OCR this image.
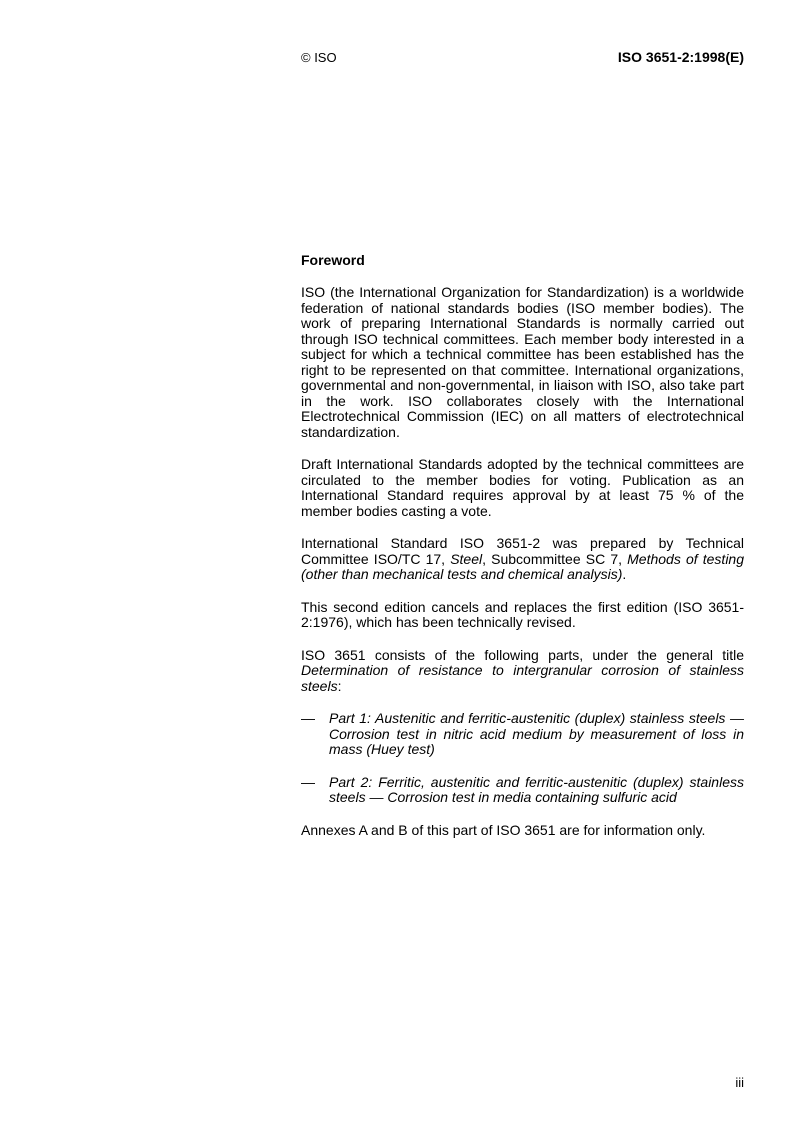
© ISO	ISO 3651-2:1998(E)
Foreword

ISO (the International Organization for Standardization) is a worldwide federation of national standards bodies (ISO member bodies). The work of preparing International Standards is normally carried out through ISO technical committees. Each member body interested in a subject for which a technical committee has been established has the right to be represented on that committee. International organizations, governmental and non-governmental, in liaison with ISO, also take part in the work. ISO collaborates closely with the International Electrotechnical Commission (IEC) on all matters of electrotechnical standardization.

Draft International Standards adopted by the technical committees are circulated to the member bodies for voting. Publication as an International Standard requires approval by at least 75 % of the member bodies casting a vote.

International Standard ISO 3651-2 was prepared by Technical Committee ISO/TC 17, Steel, Subcommittee SC 7, Methods of testing (other than mechanical tests and chemical analysis).

This second edition cancels and replaces the first edition (ISO 3651-2:1976), which has been technically revised.

ISO 3651 consists of the following parts, under the general title Determination of resistance to intergranular corrosion of stainless steels:

—	Part 1: Austenitic and ferritic-austenitic (duplex) stainless steels — Corrosion test in nitric acid medium by measurement of loss in mass (Huey test)
—	Part 2: Ferritic, austenitic and ferritic-austenitic (duplex) stainless steels — Corrosion test in media containing sulfuric acid

Annexes A and B of this part of ISO 3651 are for information only.

iii
